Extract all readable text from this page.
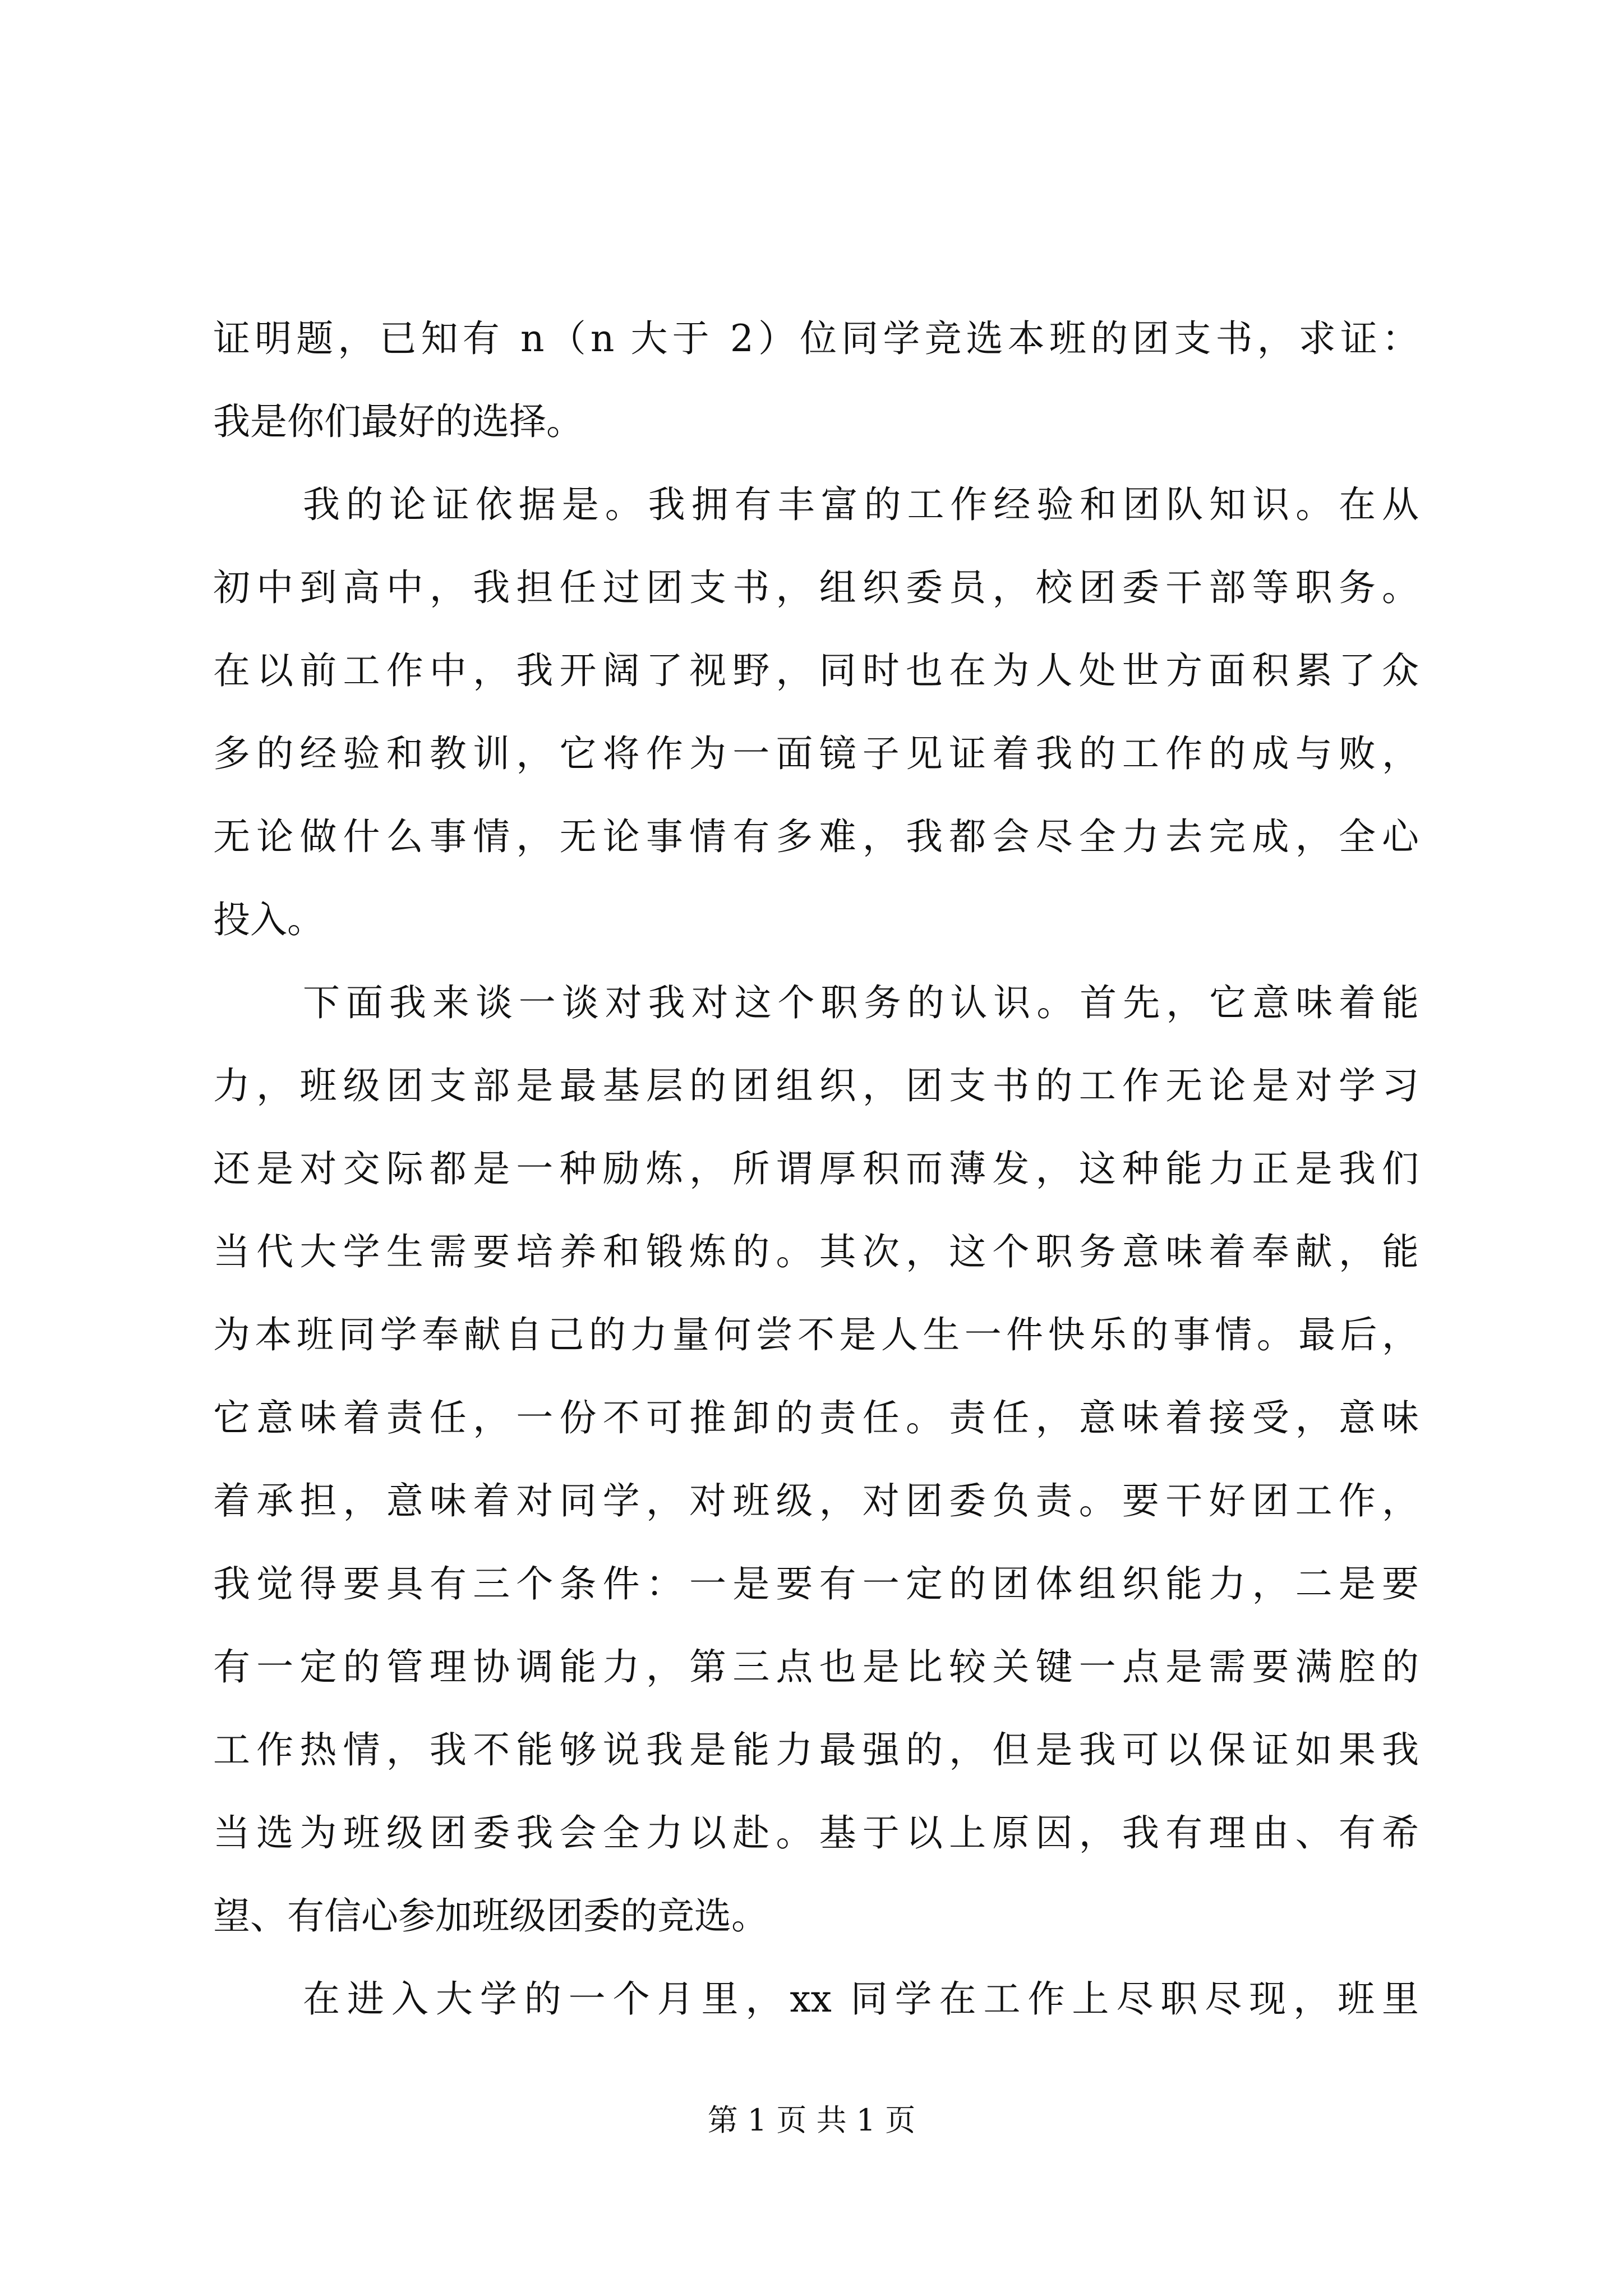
证明题，已知有 n（n 大于 2）位同学竞选本班的团支书，求证：
我是你们最好的选择。
我的论证依据是。我拥有丰富的工作经验和团队知识。在从
初中到高中，我担任过团支书，组织委员，校团委干部等职务。
在以前工作中，我开阔了视野，同时也在为人处世方面积累了众
多的经验和教训，它将作为一面镜子见证着我的工作的成与败，
无论做什么事情，无论事情有多难，我都会尽全力去完成，全心
投入。
下面我来谈一谈对我对这个职务的认识。首先，它意味着能
力，班级团支部是最基层的团组织，团支书的工作无论是对学习
还是对交际都是一种励炼，所谓厚积而薄发，这种能力正是我们
当代大学生需要培养和锻炼的。其次，这个职务意味着奉献，能
为本班同学奉献自己的力量何尝不是人生一件快乐的事情。最后，
它意味着责任，一份不可推卸的责任。责任，意味着接受，意味
着承担，意味着对同学，对班级，对团委负责。要干好团工作，
我觉得要具有三个条件：一是要有一定的团体组织能力，二是要
有一定的管理协调能力，第三点也是比较关键一点是需要满腔的
工作热情，我不能够说我是能力最强的，但是我可以保证如果我
当选为班级团委我会全力以赴。基于以上原因，我有理由、有希
望、有信心参加班级团委的竞选。
在进入大学的一个月里，xx 同学在工作上尽职尽现，班里
第 1 页 共 1 页
